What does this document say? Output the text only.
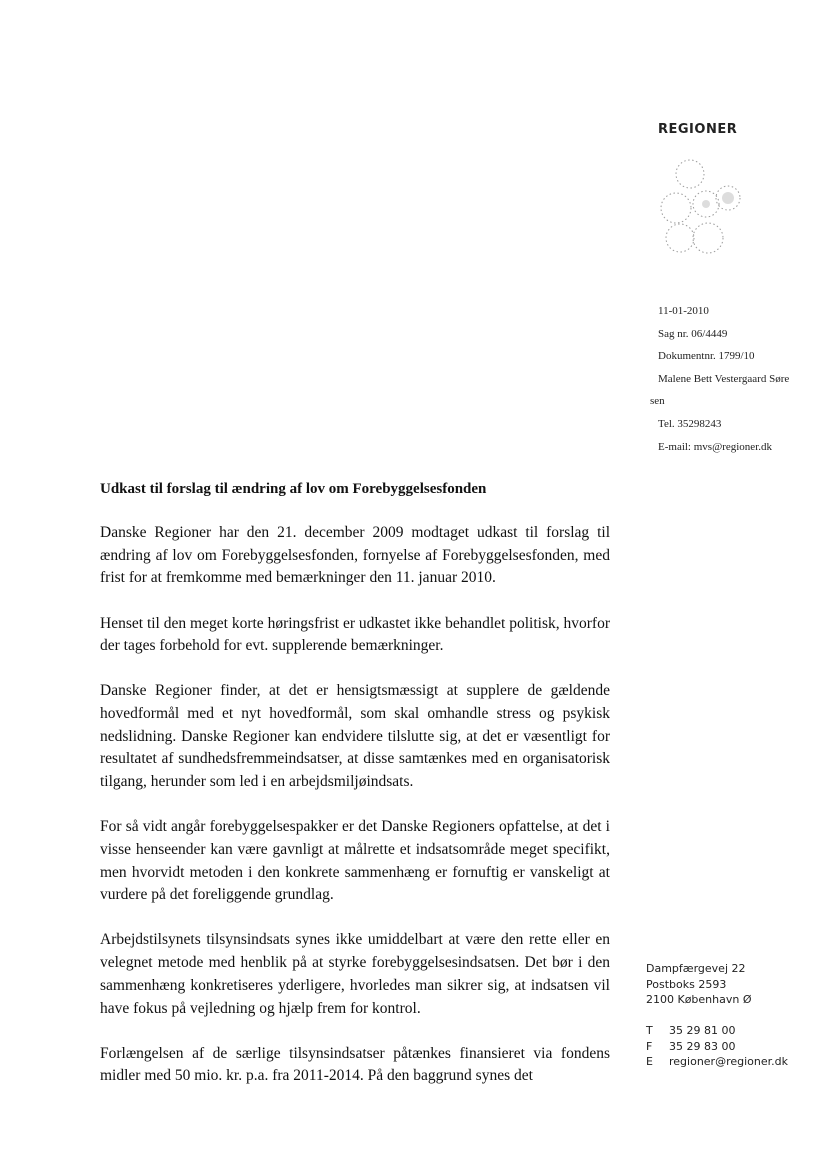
REGIONER
11-01-2010
Sag nr. 06/4449
Dokumentnr. 1799/10
Malene Bett Vestergaard Søre
sen
Tel. 35298243
E-mail: mvs@regioner.dk
Udkast til forslag til ændring af lov om Forebyggelsesfonden

Danske Regioner har den 21. december 2009 modtaget udkast til forslag til ændring af lov om Forebyggelsesfonden, fornyelse af Forebyggelsesfonden, med frist for at fremkomme med bemærkninger den 11. januar 2010.

Henset til den meget korte høringsfrist er udkastet ikke behandlet politisk, hvorfor der tages forbehold for evt. supplerende bemærkninger.

Danske Regioner finder, at det er hensigtsmæssigt at supplere de gældende hovedformål med et nyt hovedformål, som skal omhandle stress og psykisk nedslidning. Danske Regioner kan endvidere tilslutte sig, at det er væsentligt for resultatet af sundhedsfremmeindsatser, at disse samtænkes med en organisatorisk tilgang, herunder som led i en arbejdsmiljøindsats.

For så vidt angår forebyggelsespakker er det Danske Regioners opfattelse, at det i visse henseender kan være gavnligt at målrette et indsatsområde meget specifikt, men hvorvidt metoden i den konkrete sammenhæng er fornuftig er vanskeligt at vurdere på det foreliggende grundlag.

Arbejdstilsynets tilsynsindsats synes ikke umiddelbart at være den rette eller en velegnet metode med henblik på at styrke forebyggelsesindsatsen. Det bør i den sammenhæng konkretiseres yderligere, hvorledes man sikrer sig, at indsatsen vil have fokus på vejledning og hjælp frem for kontrol.

Forlængelsen af de særlige tilsynsindsatser påtænkes finansieret via fondens midler med 50 mio. kr. p.a. fra 2011-2014. På den baggrund synes det

Dampfærgevej 22
Postboks 2593
2100 København Ø
T	35 29 81 00
F	35 29 83 00
E	regioner@regioner.dk
